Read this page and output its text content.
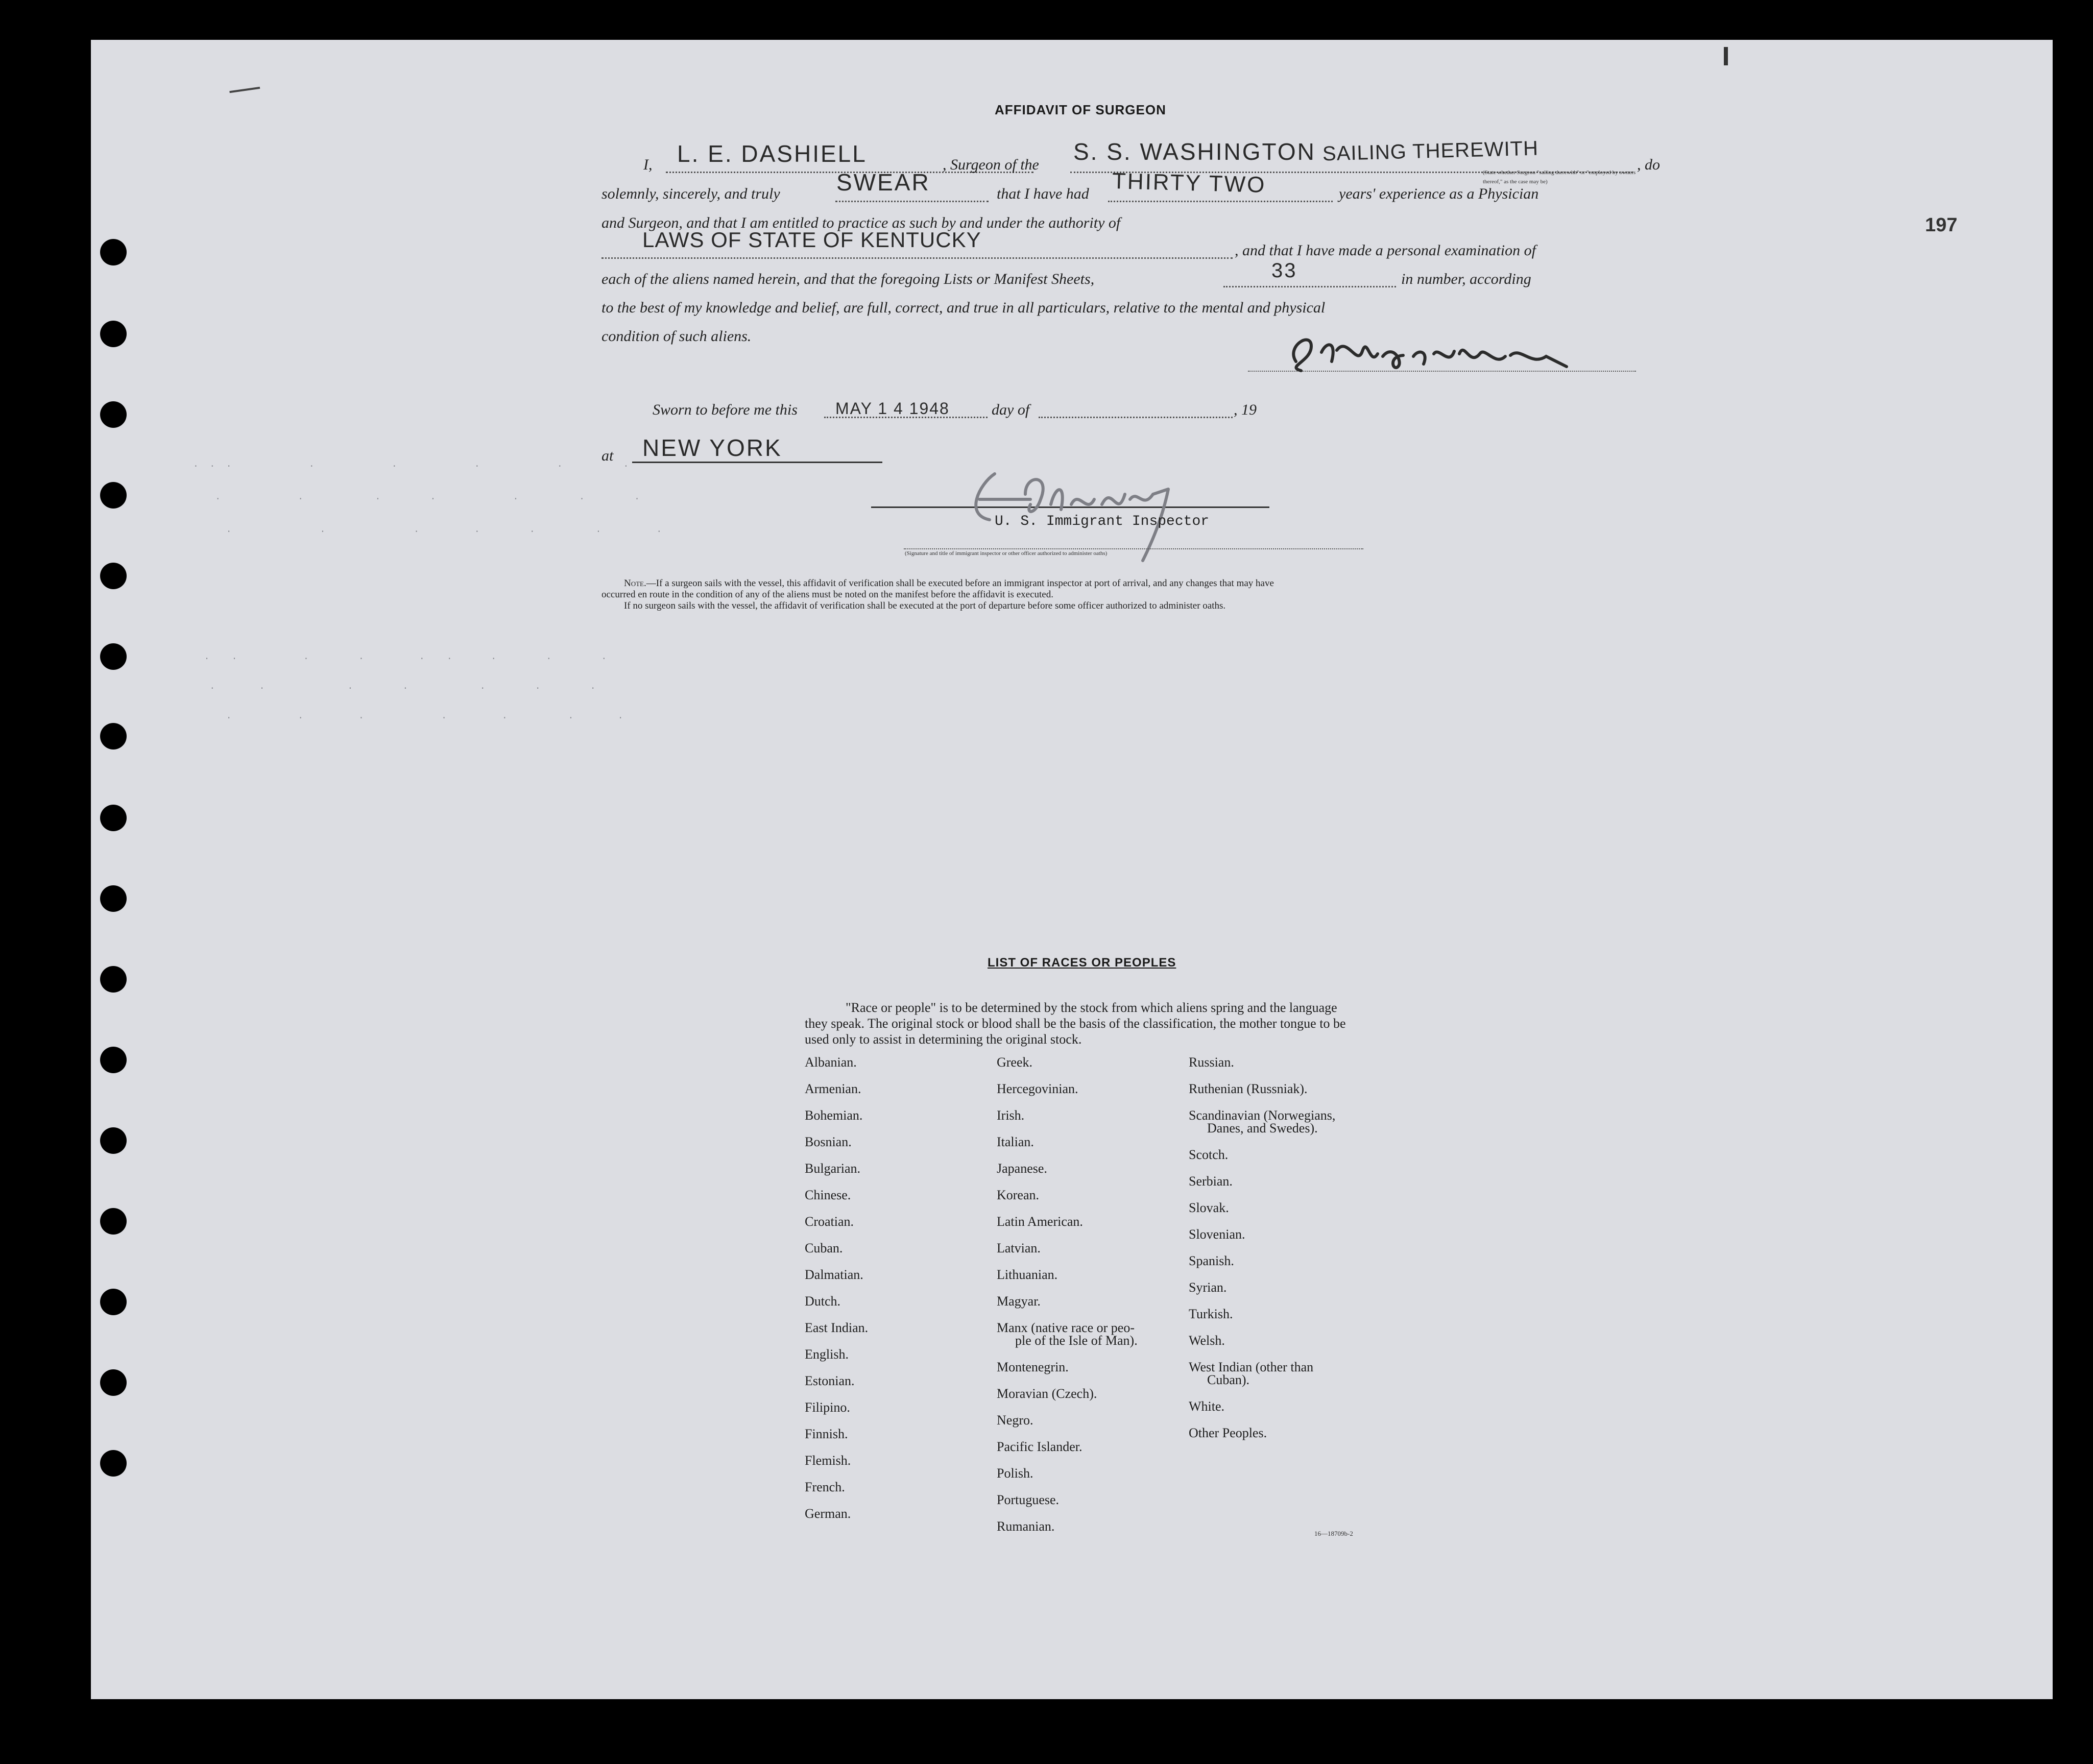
197
AFFIDAVIT OF SURGEON
I, L. E. DASHIELL	, Surgeon of the S. S. WASHINGTON SAILING THEREWITH
(State whether Surgeon "sailing therewith" or "employed by owners thereof," as the case may be)
, do
solemnly, sincerely, and truly SWEAR	that I have had THIRTY TWO	years' experience as a Physician
and Surgeon, and that I am entitled to practice as such by and under the authority of
LAWS OF STATE OF KENTUCKY	, and that I have made a personal examination of
each of the aliens named herein, and that the foregoing Lists or Manifest Sheets,	33	in number, according
to the best of my knowledge and belief, are full, correct, and true in all particulars, relative to the mental and physical
condition of such aliens.
Sworn to before me this MAY 1 4 1948	day of	, 19
at NEW YORK
U. S. Immigrant Inspector
(Signature and title of immigrant inspector or other officer authorized to administer oaths)
Note.—If a surgeon sails with the vessel, this affidavit of verification shall be executed before an immigrant inspector at port of arrival, and any changes that may have
occurred en route in the condition of any of the aliens must be noted on the manifest before the affidavit is executed.
If no surgeon sails with the vessel, the affidavit of verification shall be executed at the port of departure before some officer authorized to administer oaths.
.  .  .              .              .              .              .           .
.              .             .         .              .           .         .
.                .                .          .         .           .          .
.    .            .         .          .    .       .         .         .
.        .               .         .             .         .         .
.            .          .              .          .           .        .
LIST OF RACES OR PEOPLES
"Race or people" is to be determined by the stock from which aliens spring and the language they speak. The original stock or blood shall be the basis of the classification, the mother tongue to be used only to assist in determining the original stock.
Albanian.
Armenian.
Bohemian.
Bosnian.
Bulgarian.
Chinese.
Croatian.
Cuban.
Dalmatian.
Dutch.
East Indian.
English.
Estonian.
Filipino.
Finnish.
Flemish.
French.
German.
Greek.
Hercegovinian.
Irish.
Italian.
Japanese.
Korean.
Latin American.
Latvian.
Lithuanian.
Magyar.
Manx (native race or peo-
ple of the Isle of Man).
Montenegrin.
Moravian (Czech).
Negro.
Pacific Islander.
Polish.
Portuguese.
Rumanian.
Russian.
Ruthenian (Russniak).
Scandinavian (Norwegians,
Danes, and Swedes).
Scotch.
Serbian.
Slovak.
Slovenian.
Spanish.
Syrian.
Turkish.
Welsh.
West Indian (other than
Cuban).
White.
Other Peoples.
16—18709b-2
